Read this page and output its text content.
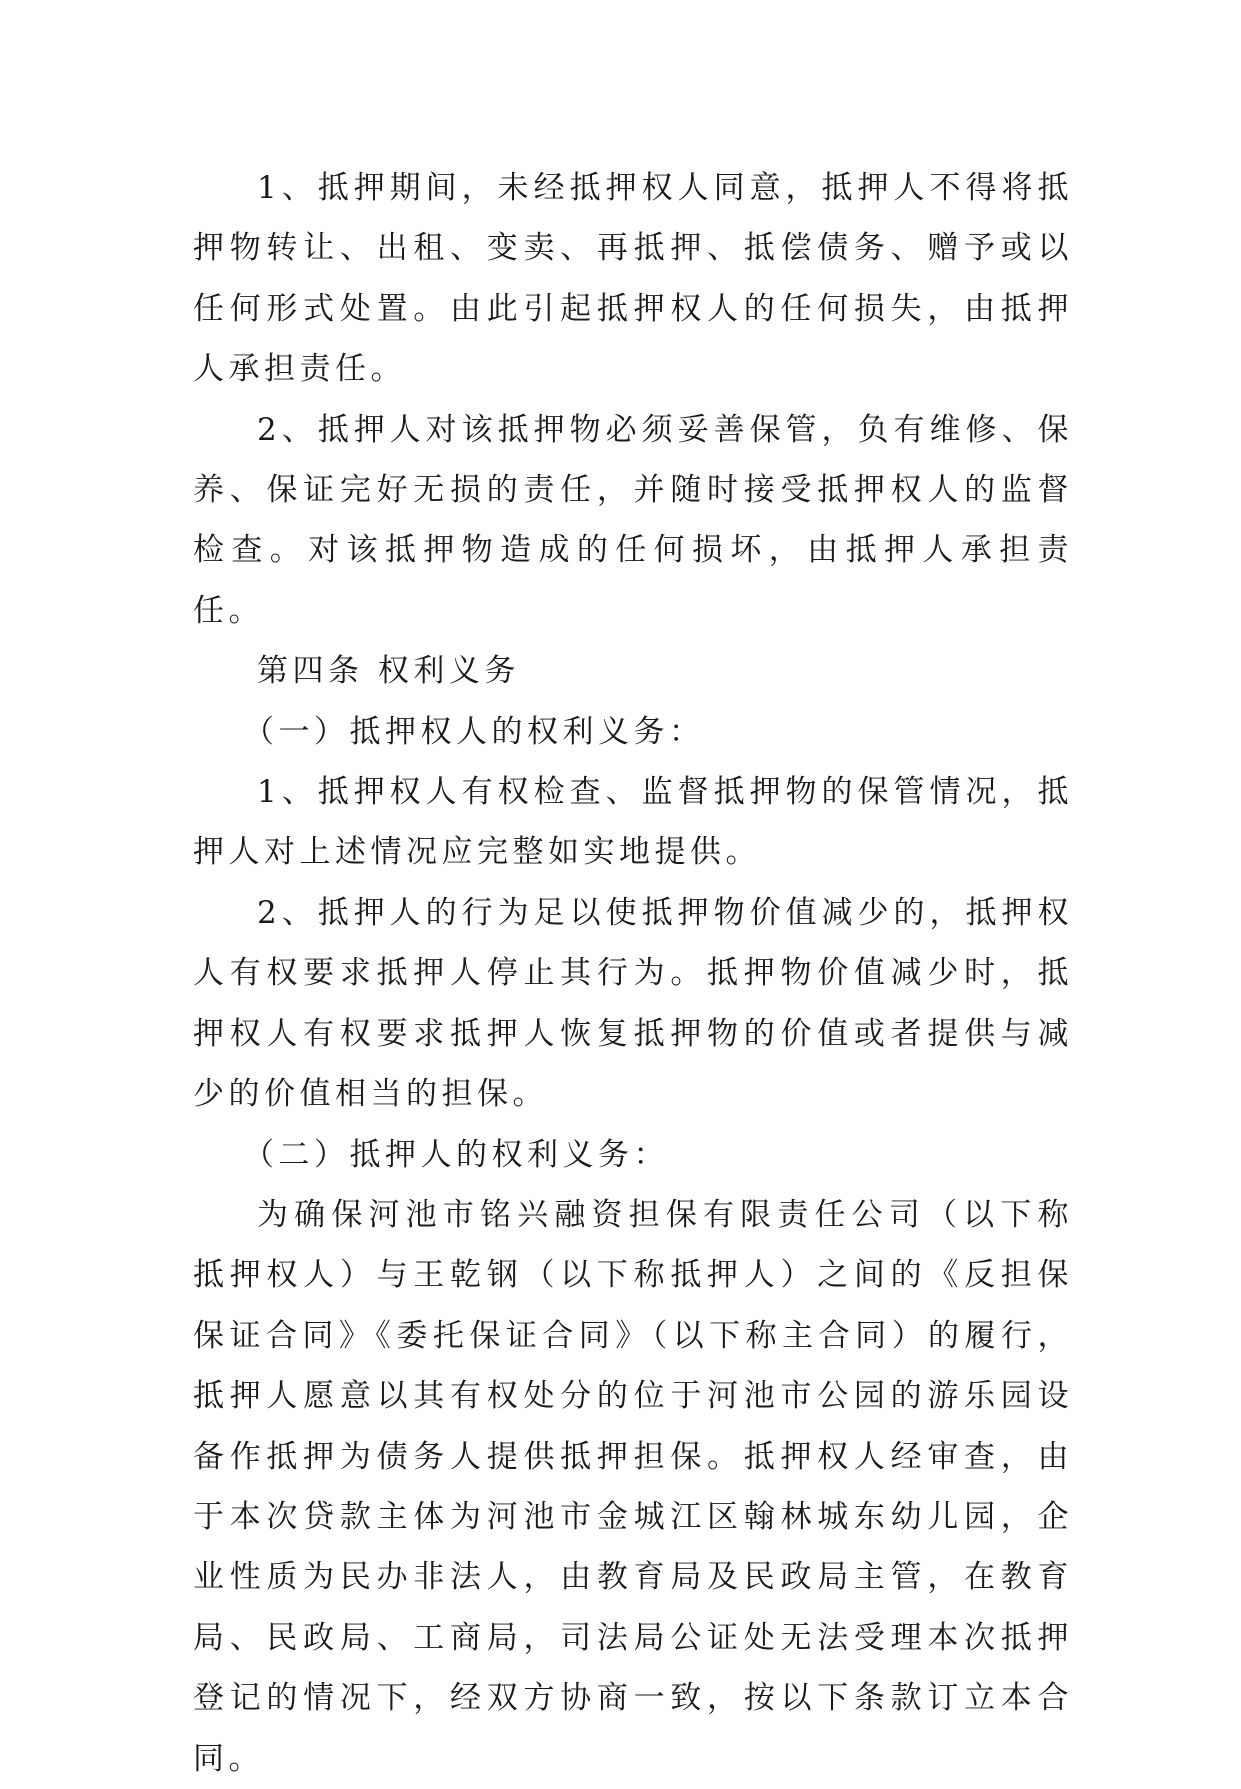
1、抵押期间，未经抵押权人同意，抵押人不得将抵押物转让、出租、变卖、再抵押、抵偿债务、赠予或以任何形式处置。由此引起抵押权人的任何损失，由抵押人承担责任。

2、抵押人对该抵押物必须妥善保管，负有维修、保养、保证完好无损的责任，并随时接受抵押权人的监督检查。对该抵押物造成的任何损坏，由抵押人承担责任。

第四条 权利义务

（一）抵押权人的权利义务：

1、抵押权人有权检查、监督抵押物的保管情况，抵押人对上述情况应完整如实地提供。

2、抵押人的行为足以使抵押物价值减少的，抵押权人有权要求抵押人停止其行为。抵押物价值减少时，抵押权人有权要求抵押人恢复抵押物的价值或者提供与减少的价值相当的担保。

（二）抵押人的权利义务：

为确保河池市铭兴融资担保有限责任公司（以下称抵押权人）与王乾钢（以下称抵押人）之间的《反担保保证合同》《委托保证合同》（以下称主合同）的履行，抵押人愿意以其有权处分的位于河池市公园的游乐园设备作抵押为债务人提供抵押担保。抵押权人经审查，由于本次贷款主体为河池市金城江区翰林城东幼儿园，企业性质为民办非法人，由教育局及民政局主管，在教育局、民政局、工商局，司法局公证处无法受理本次抵押登记的情况下，经双方协商一致，按以下条款订立本合同。
